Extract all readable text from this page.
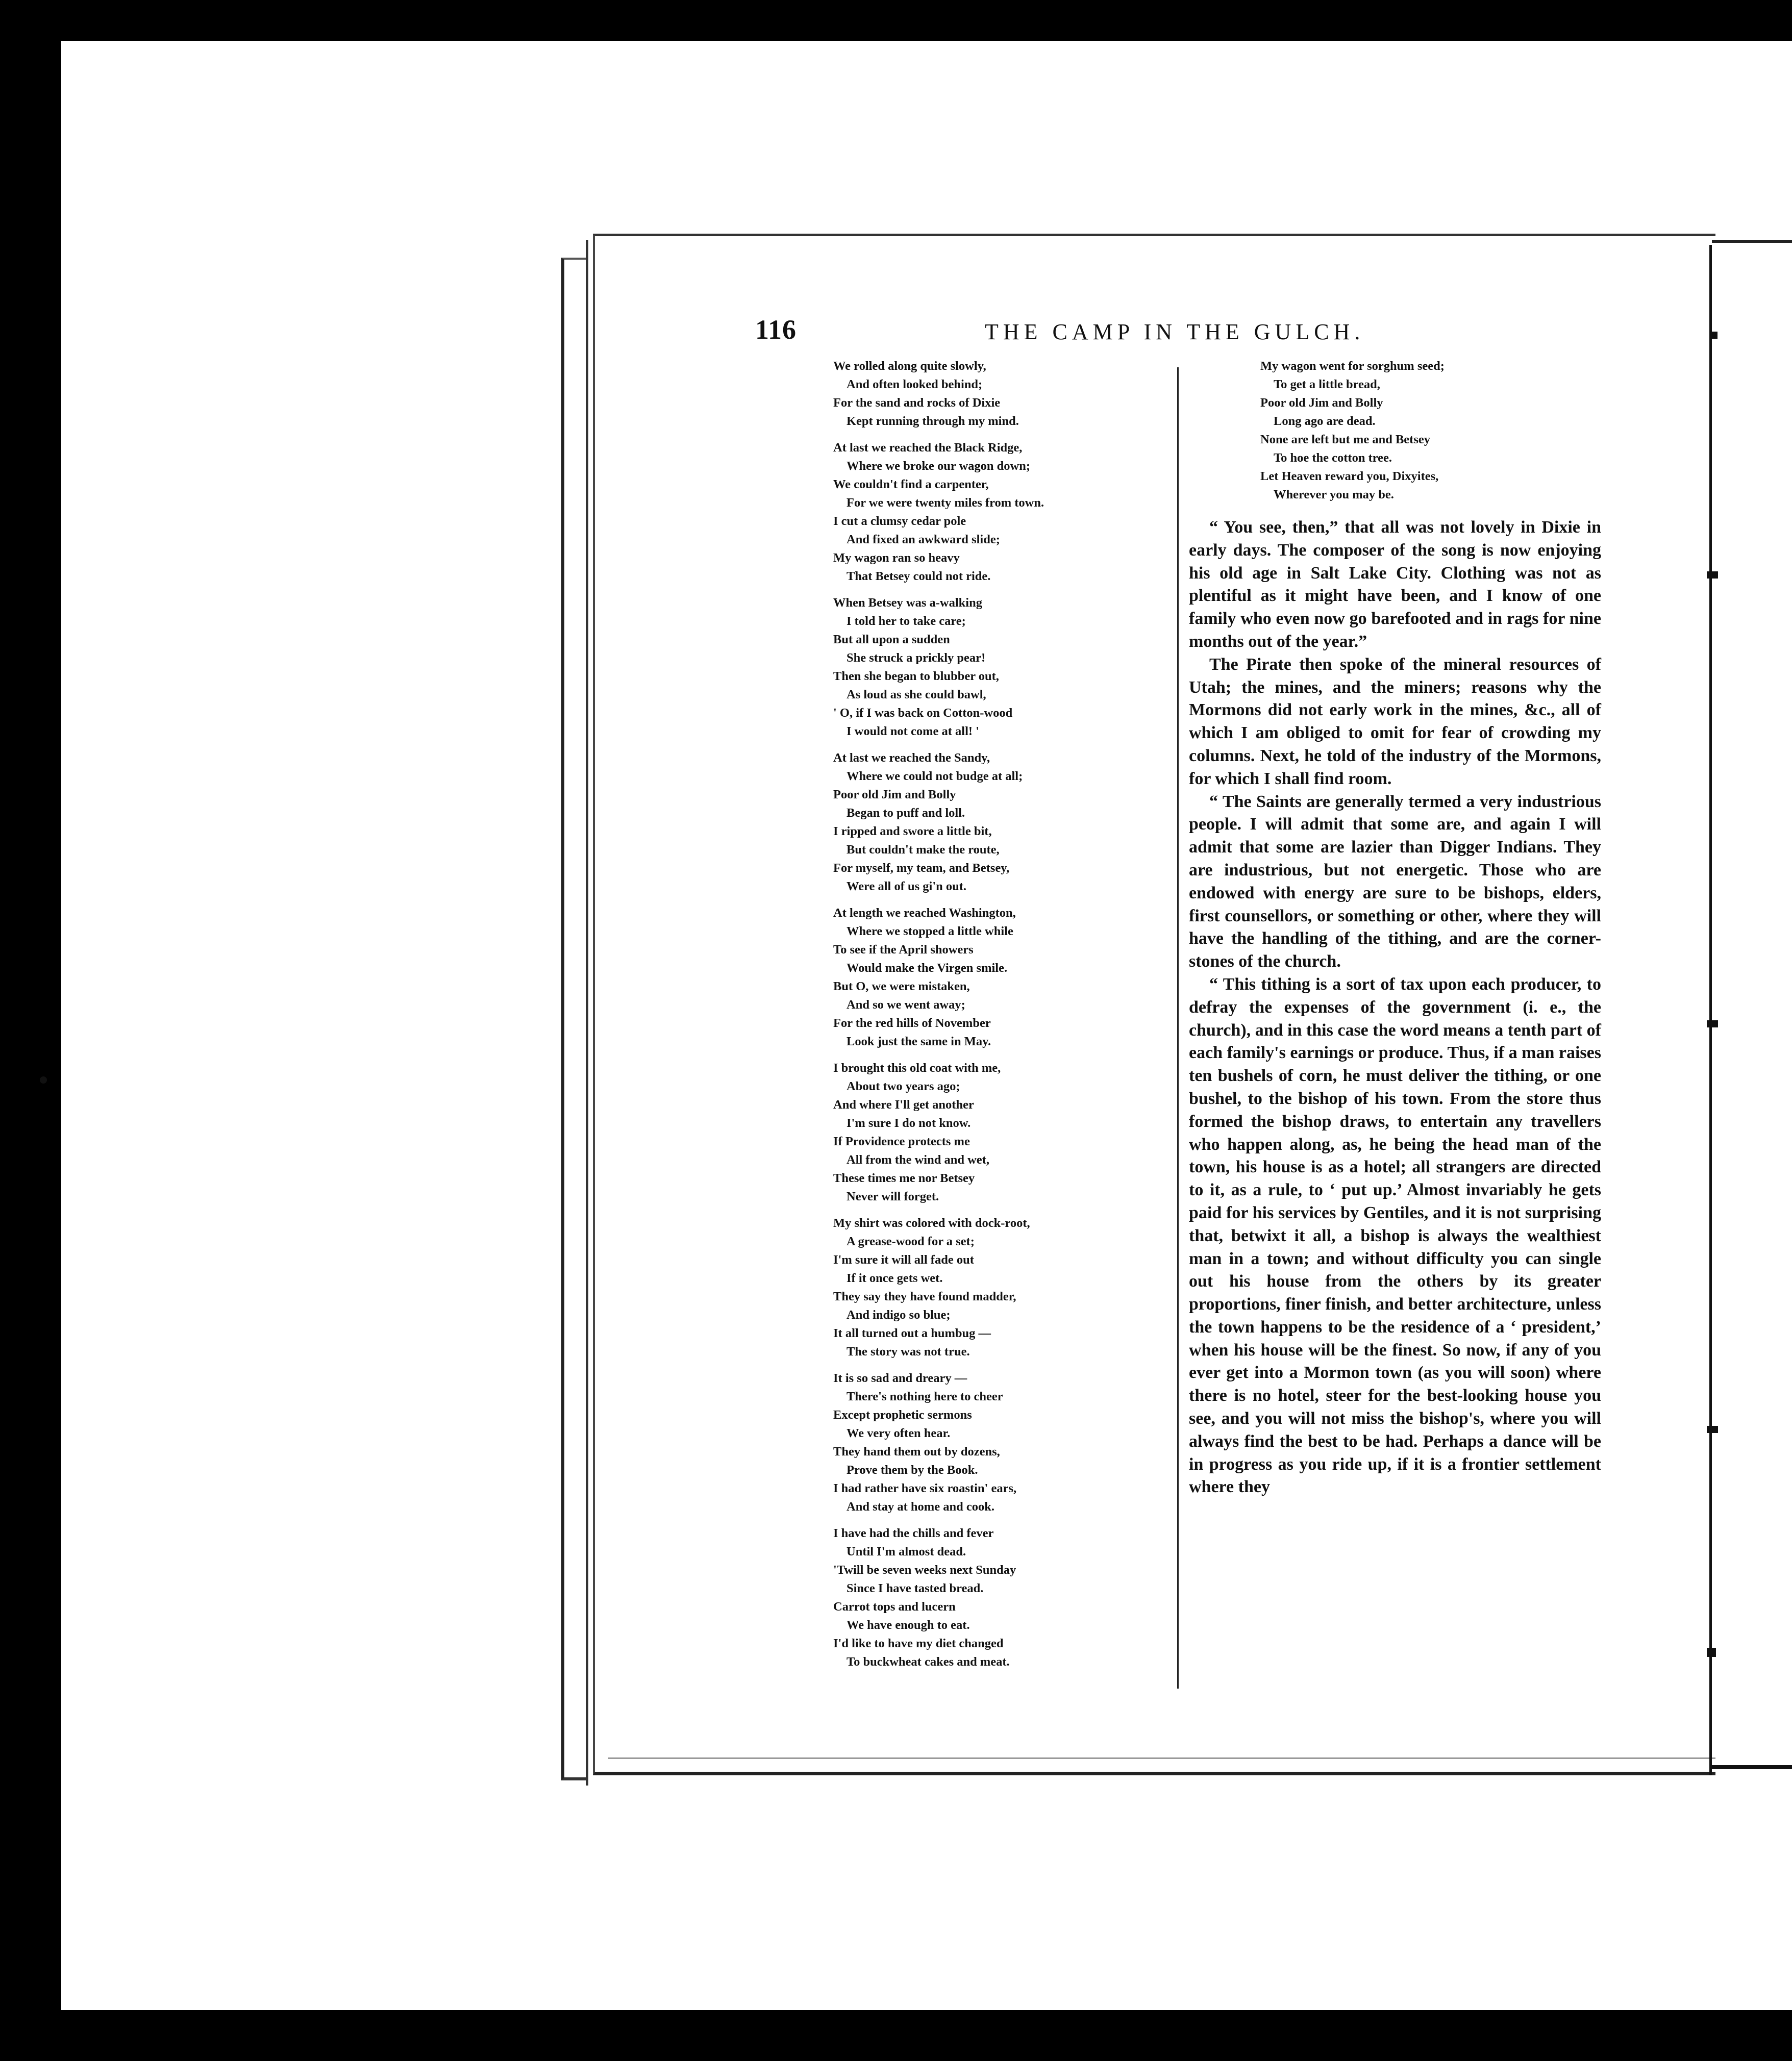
116	THE CAMP IN THE GULCH.
We rolled along quite slowly,
And often looked behind;
For the sand and rocks of Dixie
Kept running through my mind.
At last we reached the Black Ridge,
Where we broke our wagon down;
We couldn't find a carpenter,
For we were twenty miles from town.
I cut a clumsy cedar pole
And fixed an awkward slide;
My wagon ran so heavy
That Betsey could not ride.
When Betsey was a-walking
I told her to take care;
But all upon a sudden
She struck a prickly pear!
Then she began to blubber out,
As loud as she could bawl,
' O, if I was back on Cotton-wood
I would not come at all! '
At last we reached the Sandy,
Where we could not budge at all;
Poor old Jim and Bolly
Began to puff and loll.
I ripped and swore a little bit,
But couldn't make the route,
For myself, my team, and Betsey,
Were all of us gi'n out.
At length we reached Washington,
Where we stopped a little while
To see if the April showers
Would make the Virgen smile.
But O, we were mistaken,
And so we went away;
For the red hills of November
Look just the same in May.
I brought this old coat with me,
About two years ago;
And where I'll get another
I'm sure I do not know.
If Providence protects me
All from the wind and wet,
These times me nor Betsey
Never will forget.
My shirt was colored with dock-root,
A grease-wood for a set;
I'm sure it will all fade out
If it once gets wet.
They say they have found madder,
And indigo so blue;
It all turned out a humbug —
The story was not true.
It is so sad and dreary —
There's nothing here to cheer
Except prophetic sermons
We very often hear.
They hand them out by dozens,
Prove them by the Book.
I had rather have six roastin' ears,
And stay at home and cook.
I have had the chills and fever
Until I'm almost dead.
'Twill be seven weeks next Sunday
Since I have tasted bread.
Carrot tops and lucern
We have enough to eat.
I'd like to have my diet changed
To buckwheat cakes and meat.
My wagon went for sorghum seed;
To get a little bread,
Poor old Jim and Bolly
Long ago are dead.
None are left but me and Betsey
To hoe the cotton tree.
Let Heaven reward you, Dixyites,
Wherever you may be.

“ You see, then,” that all was not lovely in Dixie in early days. The composer of the song is now enjoying his old age in Salt Lake City. Clothing was not as plentiful as it might have been, and I know of one family who even now go barefooted and in rags for nine months out of the year.”

The Pirate then spoke of the mineral resources of Utah; the mines, and the miners; reasons why the Mormons did not early work in the mines, &c., all of which I am obliged to omit for fear of crowding my columns. Next, he told of the industry of the Mormons, for which I shall find room.

“ The Saints are generally termed a very industrious people. I will admit that some are, and again I will admit that some are lazier than Digger Indians. They are industrious, but not energetic. Those who are endowed with energy are sure to be bishops, elders, first counsellors, or something or other, where they will have the handling of the tithing, and are the corner-stones of the church.

“ This tithing is a sort of tax upon each producer, to defray the expenses of the government (i. e., the church), and in this case the word means a tenth part of each family's earnings or produce. Thus, if a man raises ten bushels of corn, he must deliver the tithing, or one bushel, to the bishop of his town. From the store thus formed the bishop draws, to entertain any travellers who happen along, as, he being the head man of the town, his house is as a hotel; all strangers are directed to it, as a rule, to ‘ put up.’ Almost invariably he gets paid for his services by Gentiles, and it is not surprising that, betwixt it all, a bishop is always the wealthiest man in a town; and without difficulty you can single out his house from the others by its greater proportions, finer finish, and better architecture, unless the town happens to be the residence of a ‘ president,’ when his house will be the finest. So now, if any of you ever get into a Mormon town (as you will soon) where there is no hotel, steer for the best-looking house you see, and you will not miss the bishop's, where you will always find the best to be had. Perhaps a dance will be in progress as you ride up, if it is a frontier settlement where they
